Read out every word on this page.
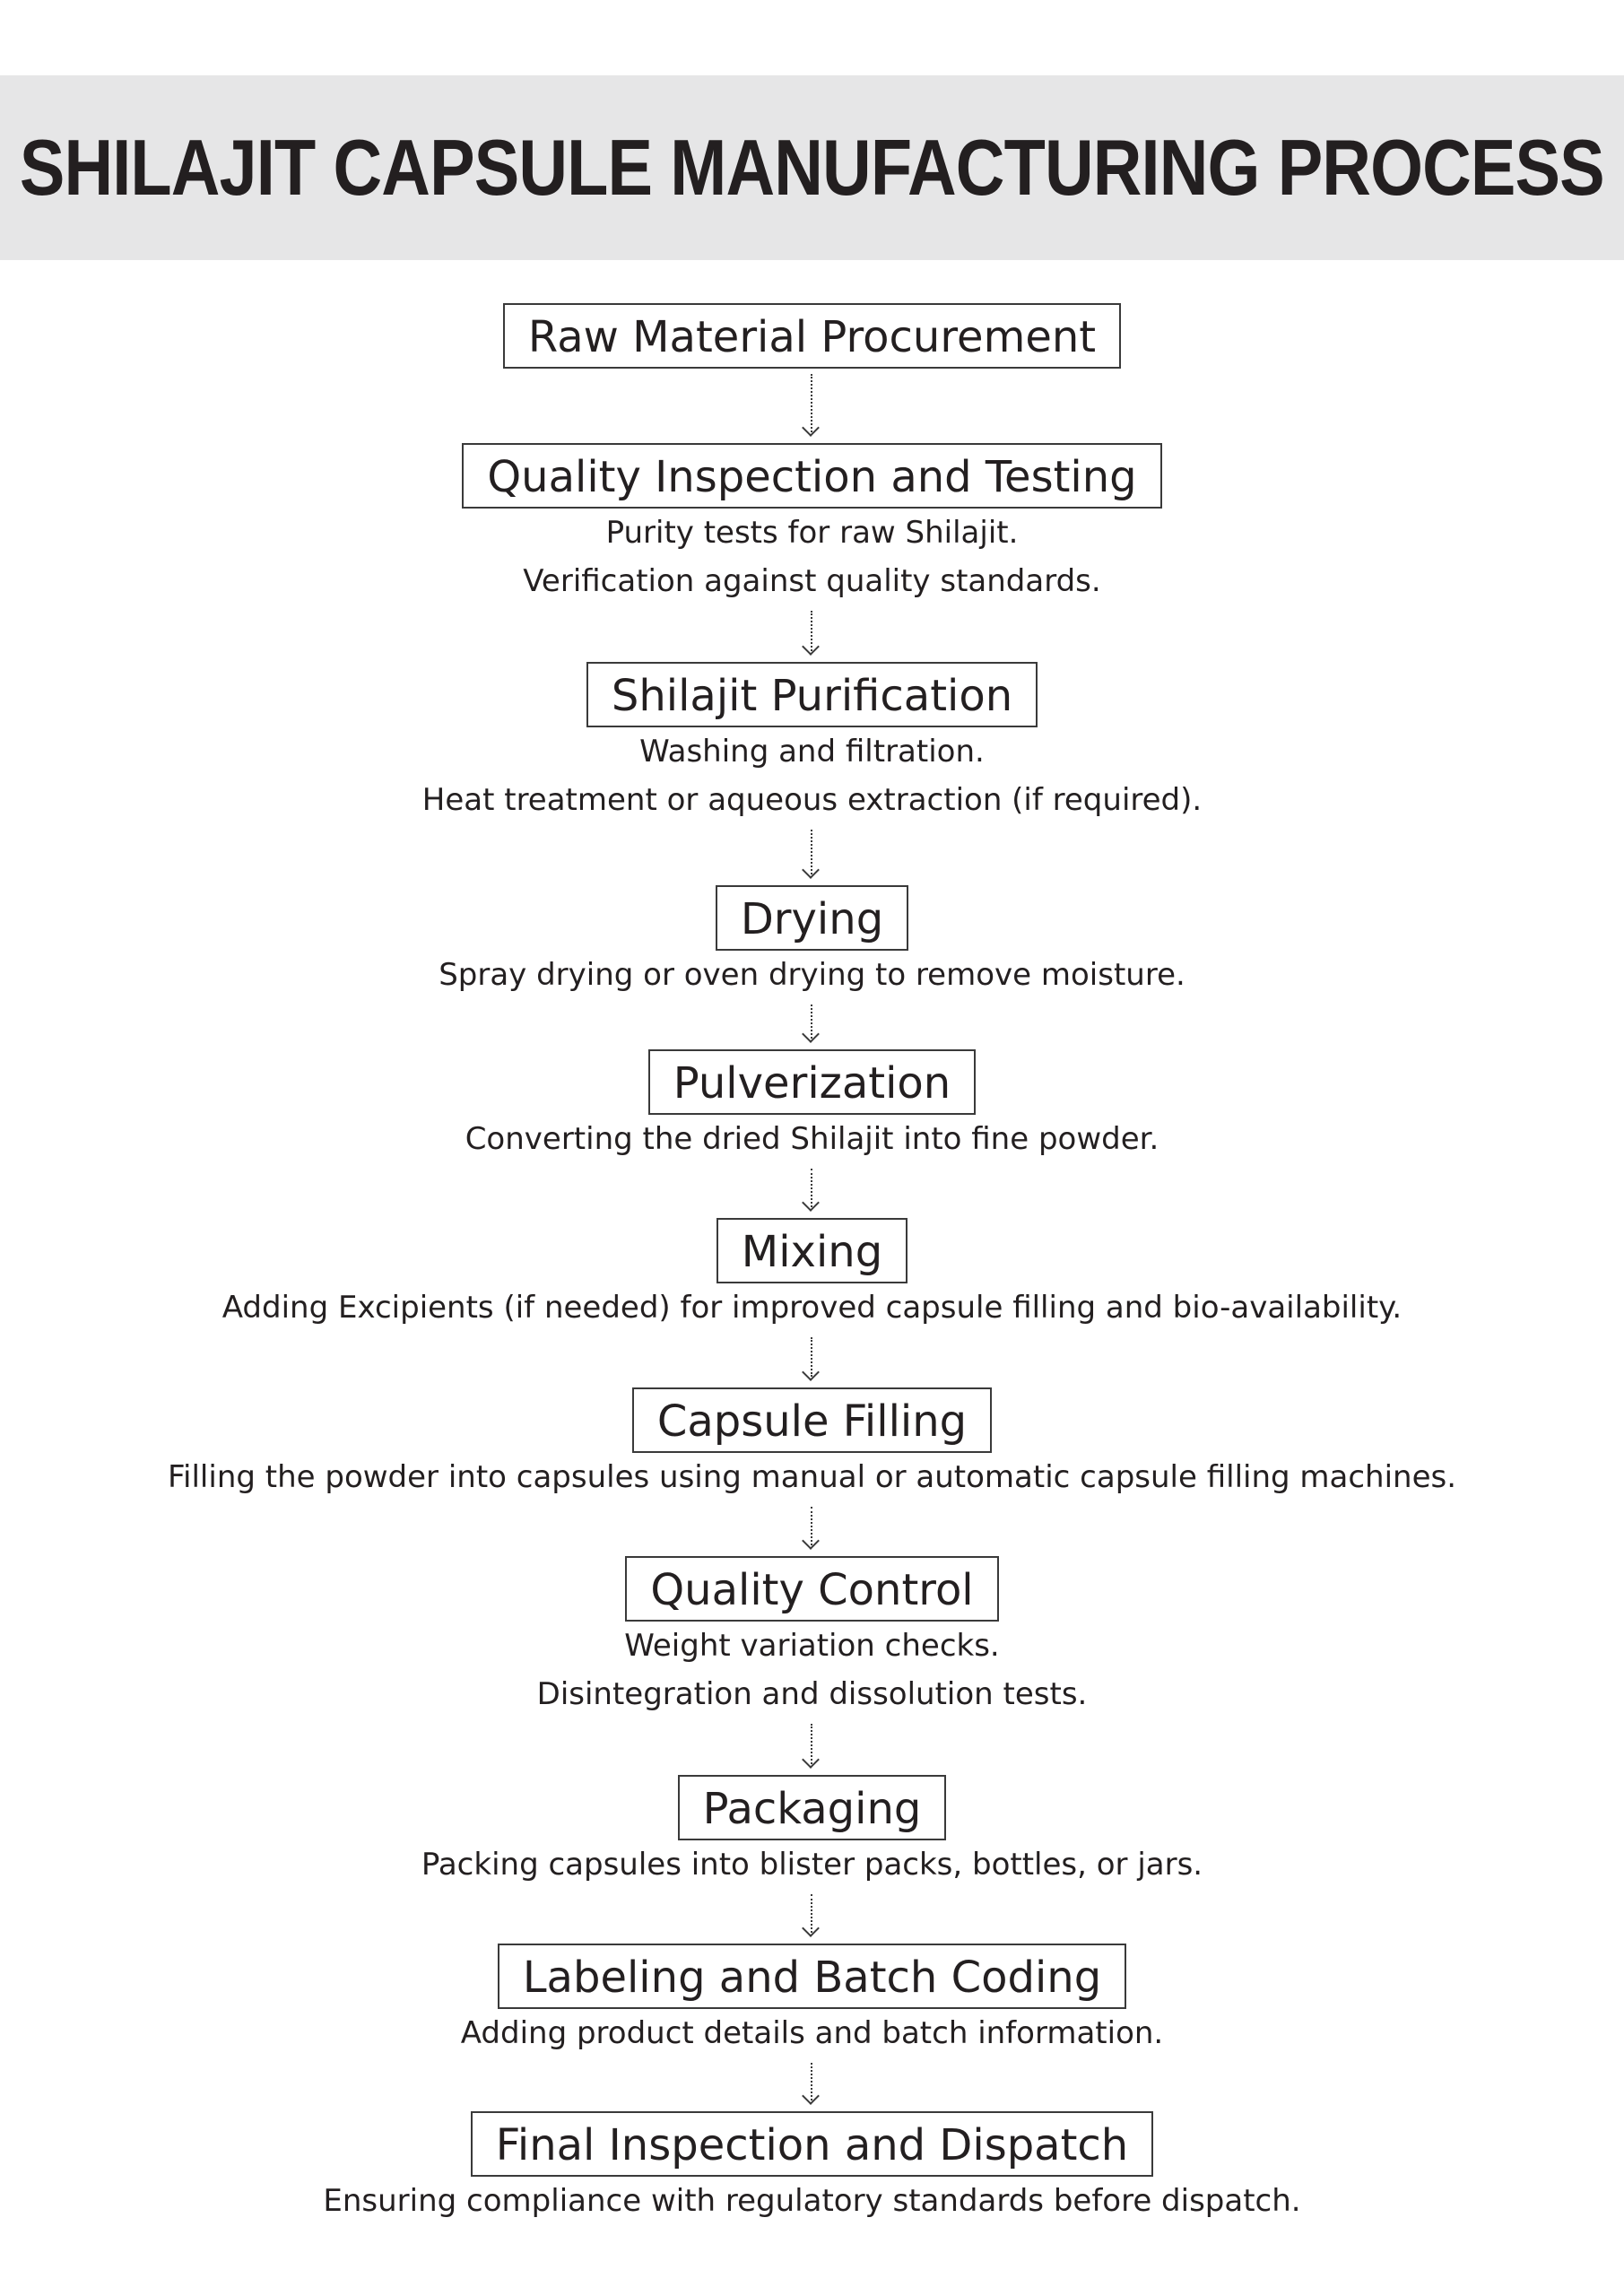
SHILAJIT CAPSULE MANUFACTURING PROCESS
Raw Material Procurement
Quality Inspection and Testing
Purity tests for raw Shilajit.
Verification against quality standards.
Shilajit Purification
Washing and filtration.
Heat treatment or aqueous extraction (if required).
Drying
Spray drying or oven drying to remove moisture.
Pulverization
Converting the dried Shilajit into fine powder.
Mixing
Adding Excipients (if needed) for improved capsule filling and bio-availability.
Capsule Filling
Filling the powder into capsules using manual or automatic capsule filling machines.
Quality Control
Weight variation checks.
Disintegration and dissolution tests.
Packaging
Packing capsules into blister packs, bottles, or jars.
Labeling and Batch Coding
Adding product details and batch information.
Final Inspection and Dispatch
Ensuring compliance with regulatory standards before dispatch.
